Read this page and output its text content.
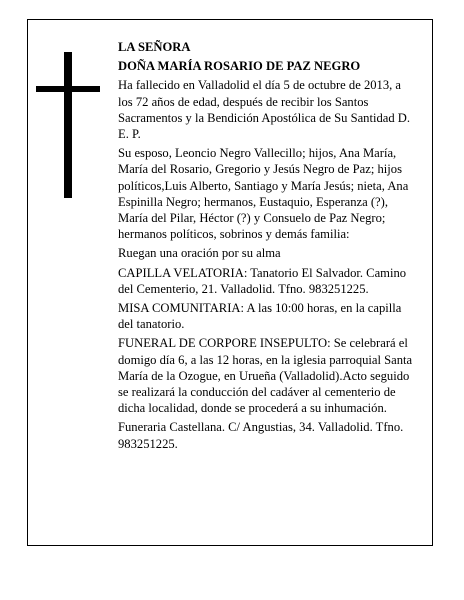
LA SEÑORA

DOÑA MARÍA ROSARIO DE PAZ NEGRO

Ha fallecido en Valladolid el día 5 de octubre de 2013, a los 72 años de edad, después de recibir los Santos Sacramentos y la Bendición Apostólica de Su Santidad D. E. P.

Su esposo, Leoncio Negro Vallecillo; hijos, Ana María, María del Rosario, Gregorio y Jesús Negro de Paz; hijos políticos,Luis Alberto, Santiago y María Jesús; nieta, Ana Espinilla Negro; hermanos, Eustaquio, Esperanza (?), María del Pilar, Héctor (?) y Consuelo de Paz Negro; hermanos políticos, sobrinos y demás familia:

Ruegan una oración por su alma

CAPILLA VELATORIA: Tanatorio El Salvador. Camino del Cementerio, 21. Valladolid. Tfno. 983251225.

MISA COMUNITARIA: A las 10:00 horas, en la capilla del tanatorio.

FUNERAL DE CORPORE INSEPULTO: Se celebrará el domigo día 6, a las 12 horas, en la iglesia parroquial Santa María de la Ozogue, en Urueña (Valladolid).Acto seguido se realizará la conducción del cadáver al cementerio de dicha localidad, donde se procederá a su inhumación.

Funeraria Castellana. C/ Angustias, 34. Valladolid. Tfno. 983251225.
